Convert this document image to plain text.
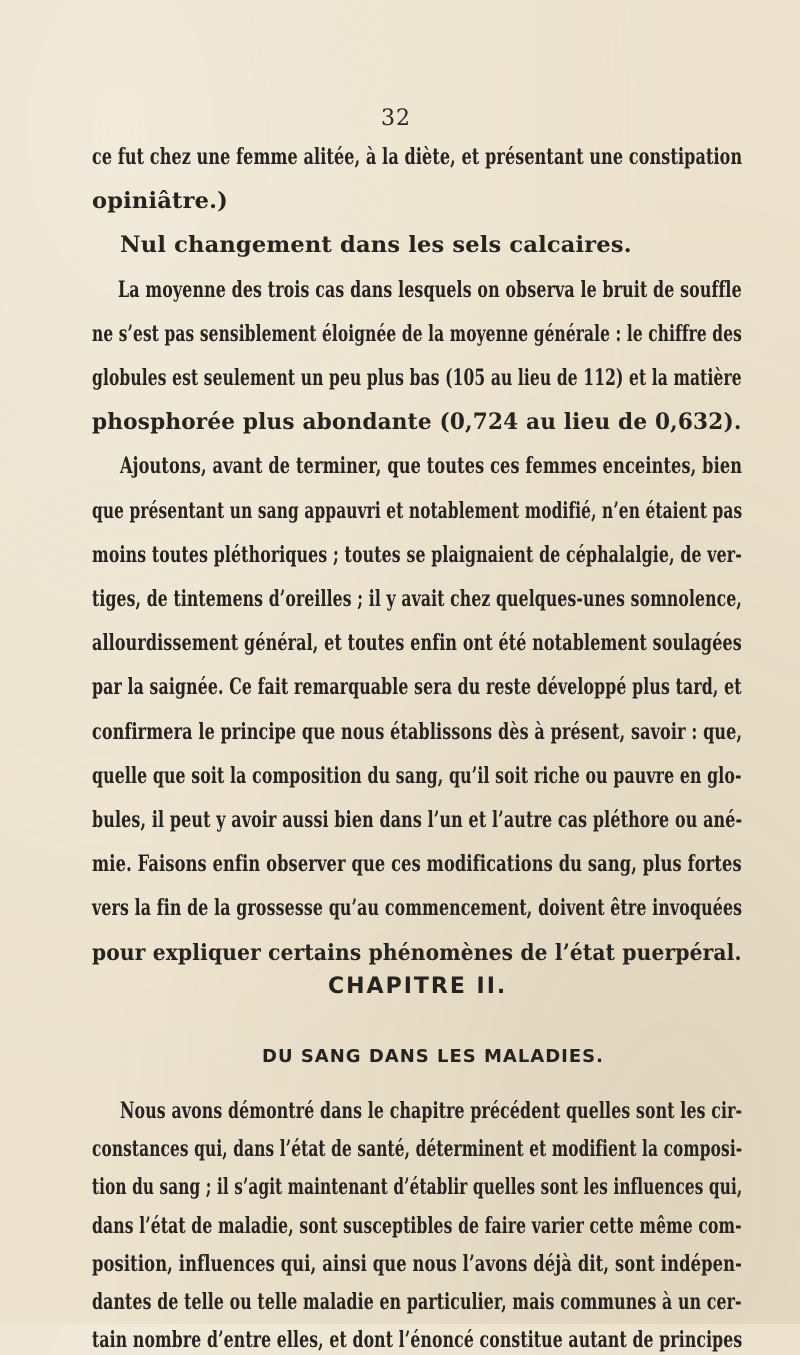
32
ce fut chez une femme alitée, à la diète, et présentant une constipation
opiniâtre.)
Nul changement dans les sels calcaires.
La moyenne des trois cas dans lesquels on observa le bruit de souffle
ne s’est pas sensiblement éloignée de la moyenne générale : le chiffre des
globules est seulement un peu plus bas (105 au lieu de 112) et la matière
phosphorée plus abondante (0,724 au lieu de 0,632).
Ajoutons, avant de terminer, que toutes ces femmes enceintes, bien
que présentant un sang appauvri et notablement modifié, n’en étaient pas
moins toutes pléthoriques ; toutes se plaignaient de céphalalgie, de ver-
tiges, de tintemens d’oreilles ; il y avait chez quelques-unes somnolence,
allourdissement général, et toutes enfin ont été notablement soulagées
par la saignée. Ce fait remarquable sera du reste développé plus tard, et
confirmera le principe que nous établissons dès à présent, savoir : que,
quelle que soit la composition du sang, qu’il soit riche ou pauvre en glo-
bules, il peut y avoir aussi bien dans l’un et l’autre cas pléthore ou ané-
mie. Faisons enfin observer que ces modifications du sang, plus fortes
vers la fin de la grossesse qu’au commencement, doivent être invoquées
pour expliquer certains phénomènes de l’état puerpéral.
CHAPITRE II.
DU SANG DANS LES MALADIES.
Nous avons démontré dans le chapitre précédent quelles sont les cir-
constances qui, dans l’état de santé, déterminent et modifient la composi-
tion du sang ; il s’agit maintenant d’établir quelles sont les influences qui,
dans l’état de maladie, sont susceptibles de faire varier cette même com-
position, influences qui, ainsi que nous l’avons déjà dit, sont indépen-
dantes de telle ou telle maladie en particulier, mais communes à un cer-
tain nombre d’entre elles, et dont l’énoncé constitue autant de principes
